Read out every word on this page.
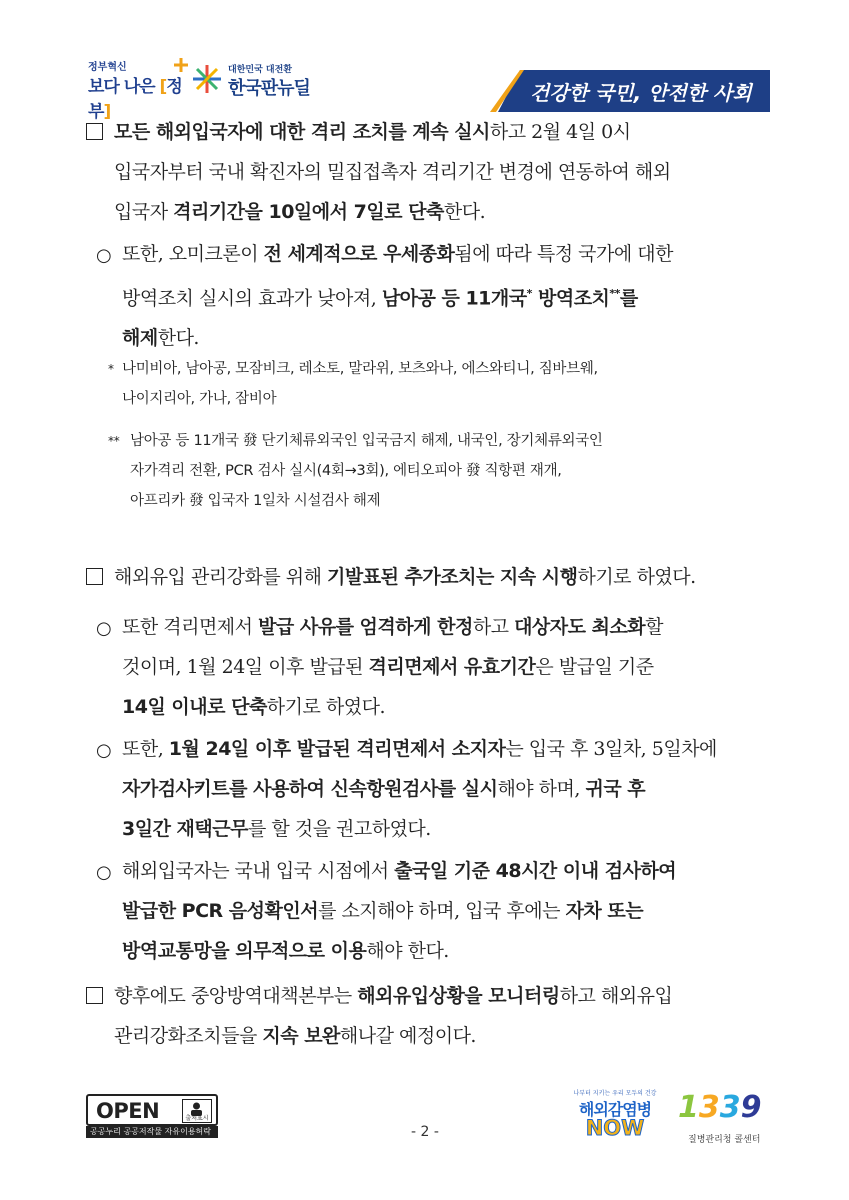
정부혁신
보다 나은 [정부]
대한민국 대전환
한국판뉴딜	건강한 국민, 안전한 사회
모든 해외입국자에 대한 격리 조치를 계속 실시하고 2월 4일 0시
입국자부터 국내 확진자의 밀집접촉자 격리기간 변경에 연동하여 해외
입국자 격리기간을 10일에서 7일로 단축한다.
○ 또한, 오미크론이 전 세계적으로 우세종화됨에 따라 특정 국가에 대한
방역조치 실시의 효과가 낮아져, 남아공 등 11개국* 방역조치**를
해제한다.
* 나미비아, 남아공, 모잠비크, 레소토, 말라위, 보츠와나, 에스와티니, 짐바브웨,
나이지리아, 가나, 잠비아
** 남아공 등 11개국 發 단기체류외국인 입국금지 해제, 내국인, 장기체류외국인
자가격리 전환, PCR 검사 실시(4회→3회), 에티오피아 發 직항편 재개,
아프리카 發 입국자 1일차 시설검사 해제
해외유입 관리강화를 위해 기발표된 추가조치는 지속 시행하기로 하였다.
○ 또한 격리면제서 발급 사유를 엄격하게 한정하고 대상자도 최소화할
것이며, 1월 24일 이후 발급된 격리면제서 유효기간은 발급일 기준
14일 이내로 단축하기로 하였다.
○ 또한, 1월 24일 이후 발급된 격리면제서 소지자는 입국 후 3일차, 5일차에
자가검사키트를 사용하여 신속항원검사를 실시해야 하며, 귀국 후
3일간 재택근무를 할 것을 권고하였다.
○ 해외입국자는 국내 입국 시점에서 출국일 기준 48시간 이내 검사하여
발급한 PCR 음성확인서를 소지해야 하며, 입국 후에는 자차 또는
방역교통망을 의무적으로 이용해야 한다.
향후에도 중앙방역대책본부는 해외유입상황을 모니터링하고 해외유입
관리강화조치들을 지속 보완해나갈 예정이다.
OPEN	출처표시
공공누리 공공저작물 자유이용허락	- 2 -
나부터 지키는 우리 모두의 건강
해외감염병
NOW
1339
질병관리청 콜센터
